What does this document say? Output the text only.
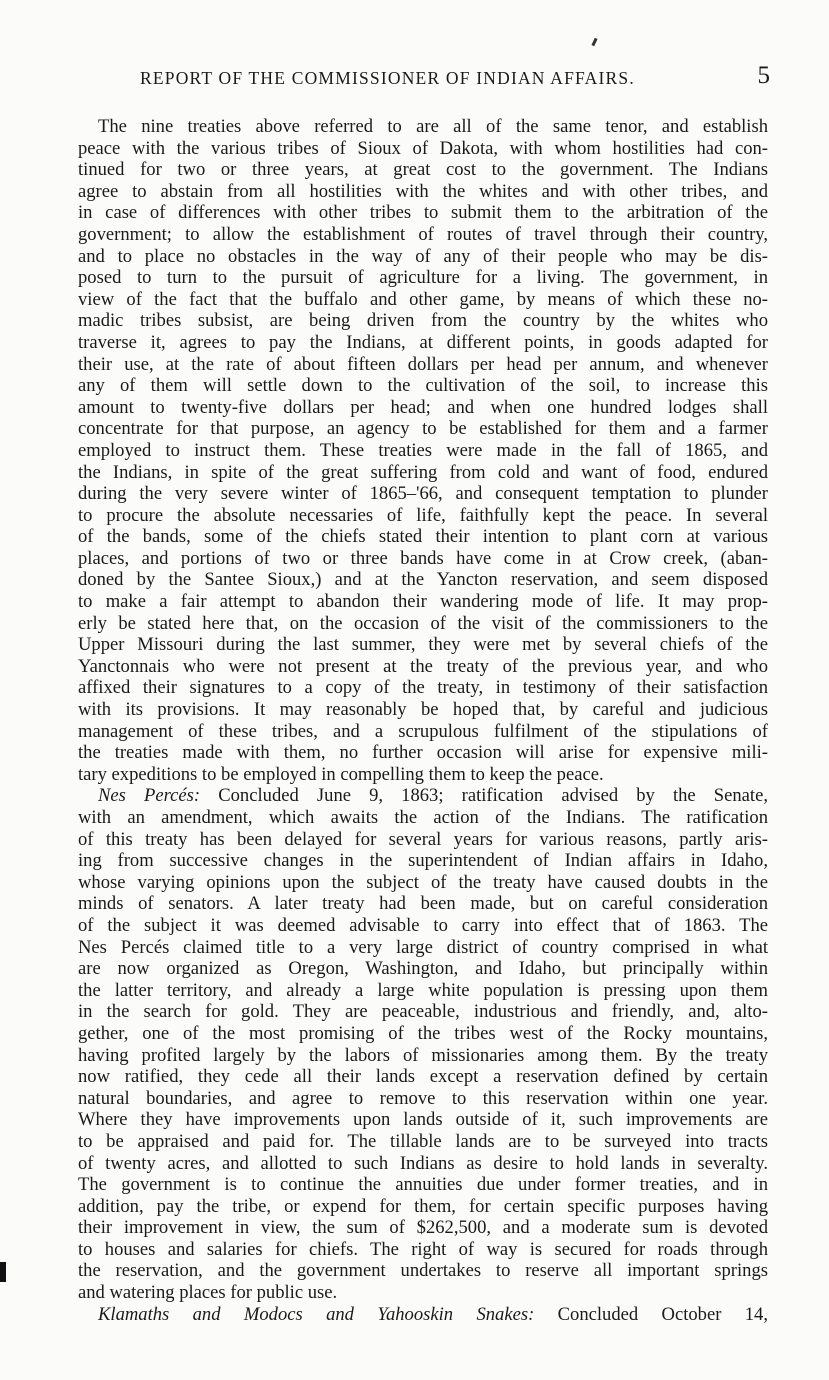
REPORT OF THE COMMISSIONER OF INDIAN AFFAIRS.	5
The nine treaties above referred to are all of the same tenor, and establish
peace with the various tribes of Sioux of Dakota, with whom hostilities had con-
tinued for two or three years, at great cost to the government. The Indians
agree to abstain from all hostilities with the whites and with other tribes, and
in case of differences with other tribes to submit them to the arbitration of the
government; to allow the establishment of routes of travel through their country,
and to place no obstacles in the way of any of their people who may be dis-
posed to turn to the pursuit of agriculture for a living. The government, in
view of the fact that the buffalo and other game, by means of which these no-
madic tribes subsist, are being driven from the country by the whites who
traverse it, agrees to pay the Indians, at different points, in goods adapted for
their use, at the rate of about fifteen dollars per head per annum, and whenever
any of them will settle down to the cultivation of the soil, to increase this
amount to twenty-five dollars per head; and when one hundred lodges shall
concentrate for that purpose, an agency to be established for them and a farmer
employed to instruct them. These treaties were made in the fall of 1865, and
the Indians, in spite of the great suffering from cold and want of food, endured
during the very severe winter of 1865–'66, and consequent temptation to plunder
to procure the absolute necessaries of life, faithfully kept the peace. In several
of the bands, some of the chiefs stated their intention to plant corn at various
places, and portions of two or three bands have come in at Crow creek, (aban-
doned by the Santee Sioux,) and at the Yancton reservation, and seem disposed
to make a fair attempt to abandon their wandering mode of life. It may prop-
erly be stated here that, on the occasion of the visit of the commissioners to the
Upper Missouri during the last summer, they were met by several chiefs of the
Yanctonnais who were not present at the treaty of the previous year, and who
affixed their signatures to a copy of the treaty, in testimony of their satisfaction
with its provisions. It may reasonably be hoped that, by careful and judicious
management of these tribes, and a scrupulous fulfilment of the stipulations of
the treaties made with them, no further occasion will arise for expensive mili-
tary expeditions to be employed in compelling them to keep the peace.
Nes Percés: Concluded June 9, 1863; ratification advised by the Senate,
with an amendment, which awaits the action of the Indians. The ratification
of this treaty has been delayed for several years for various reasons, partly aris-
ing from successive changes in the superintendent of Indian affairs in Idaho,
whose varying opinions upon the subject of the treaty have caused doubts in the
minds of senators. A later treaty had been made, but on careful consideration
of the subject it was deemed advisable to carry into effect that of 1863. The
Nes Percés claimed title to a very large district of country comprised in what
are now organized as Oregon, Washington, and Idaho, but principally within
the latter territory, and already a large white population is pressing upon them
in the search for gold. They are peaceable, industrious and friendly, and, alto-
gether, one of the most promising of the tribes west of the Rocky mountains,
having profited largely by the labors of missionaries among them. By the treaty
now ratified, they cede all their lands except a reservation defined by certain
natural boundaries, and agree to remove to this reservation within one year.
Where they have improvements upon lands outside of it, such improvements are
to be appraised and paid for. The tillable lands are to be surveyed into tracts
of twenty acres, and allotted to such Indians as desire to hold lands in severalty.
The government is to continue the annuities due under former treaties, and in
addition, pay the tribe, or expend for them, for certain specific purposes having
their improvement in view, the sum of $262,500, and a moderate sum is devoted
to houses and salaries for chiefs. The right of way is secured for roads through
the reservation, and the government undertakes to reserve all important springs
and watering places for public use.
Klamaths and Modocs and Yahooskin Snakes: Concluded October 14,
